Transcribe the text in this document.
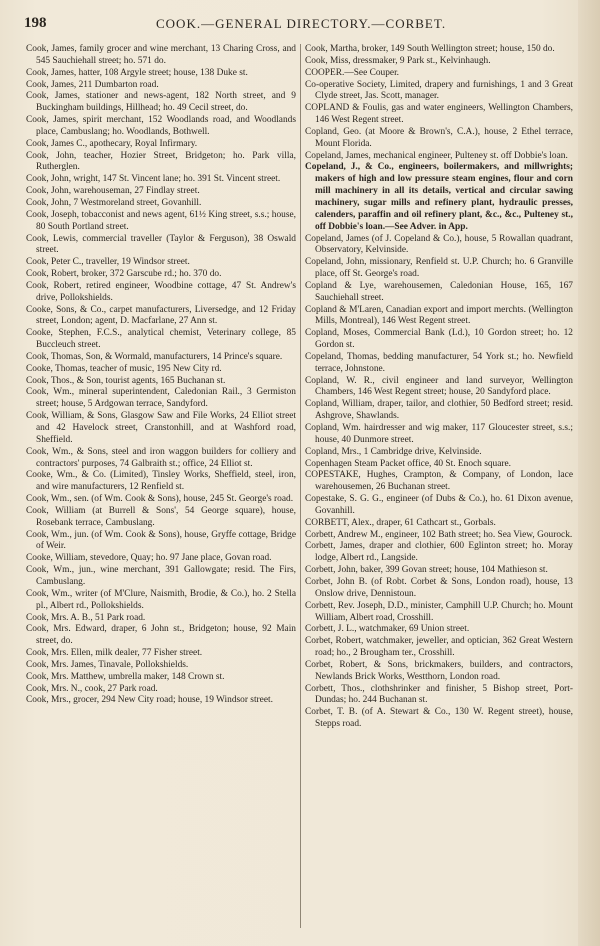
198	COOK.—GENERAL DIRECTORY.—CORBET.

Cook, James, family grocer and wine merchant, 13 Charing Cross, and 545 Sauchiehall street; ho. 571 do.

Cook, James, hatter, 108 Argyle street; house, 138 Duke st.

Cook, James, 211 Dumbarton road.

Cook, James, stationer and news-agent, 182 North street, and 9 Buckingham buildings, Hillhead; ho. 49 Cecil street, do.

Cook, James, spirit merchant, 152 Woodlands road, and Woodlands place, Cambuslang; ho. Woodlands, Bothwell.

Cook, James C., apothecary, Royal Infirmary.

Cook, John, teacher, Hozier Street, Bridgeton; ho. Park villa, Rutherglen.

Cook, John, wright, 147 St. Vincent lane; ho. 391 St. Vincent street.

Cook, John, warehouseman, 27 Findlay street.

Cook, John, 7 Westmoreland street, Govanhill.

Cook, Joseph, tobacconist and news agent, 61½ King street, s.s.; house, 80 South Portland street.

Cook, Lewis, commercial traveller (Taylor & Ferguson), 38 Oswald street.

Cook, Peter C., traveller, 19 Windsor street.

Cook, Robert, broker, 372 Garscube rd.; ho. 370 do.

Cook, Robert, retired engineer, Woodbine cottage, 47 St. Andrew's drive, Pollokshields.

Cooke, Sons, & Co., carpet manufacturers, Liversedge, and 12 Friday street, London; agent, D. Macfarlane, 27 Ann st.

Cooke, Stephen, F.C.S., analytical chemist, Veterinary college, 85 Buccleuch street.

Cook, Thomas, Son, & Wormald, manufacturers, 14 Prince's square.

Cooke, Thomas, teacher of music, 195 New City rd.

Cook, Thos., & Son, tourist agents, 165 Buchanan st.

Cook, Wm., mineral superintendent, Caledonian Rail., 3 Germiston street; house, 5 Ardgowan terrace, Sandyford.

Cook, William, & Sons, Glasgow Saw and File Works, 24 Elliot street and 42 Havelock street, Cranstonhill, and at Washford road, Sheffield.

Cook, Wm., & Sons, steel and iron waggon builders for colliery and contractors' purposes, 74 Galbraith st.; office, 24 Elliot st.

Cooke, Wm., & Co. (Limited), Tinsley Works, Sheffield, steel, iron, and wire manufacturers, 12 Renfield st.

Cook, Wm., sen. (of Wm. Cook & Sons), house, 245 St. George's road.

Cook, William (at Burrell & Sons', 54 George square), house, Rosebank terrace, Cambuslang.

Cook, Wm., jun. (of Wm. Cook & Sons), house, Gryffe cottage, Bridge of Weir.

Cooke, William, stevedore, Quay; ho. 97 Jane place, Govan road.

Cook, Wm., jun., wine merchant, 391 Gallowgate; resid. The Firs, Cambuslang.

Cook, Wm., writer (of M'Clure, Naismith, Brodie, & Co.), ho. 2 Stella pl., Albert rd., Pollokshields.

Cook, Mrs. A. B., 51 Park road.

Cook, Mrs. Edward, draper, 6 John st., Bridgeton; house, 92 Main street, do.

Cook, Mrs. Ellen, milk dealer, 77 Fisher street.

Cook, Mrs. James, Tinavale, Pollokshields.

Cook, Mrs. Matthew, umbrella maker, 148 Crown st.

Cook, Mrs. N., cook, 27 Park road.

Cook, Mrs., grocer, 294 New City road; house, 19 Windsor street.

Cook, Martha, broker, 149 South Wellington street; house, 150 do.

Cook, Miss, dressmaker, 9 Park st., Kelvinhaugh.

COOPER.—See Couper.

Co-operative Society, Limited, drapery and furnishings, 1 and 3 Great Clyde street, Jas. Scott, manager.

COPLAND & Foulis, gas and water engineers, Wellington Chambers, 146 West Regent street.

Copland, Geo. (at Moore & Brown's, C.A.), house, 2 Ethel terrace, Mount Florida.

Copeland, James, mechanical engineer, Pulteney st. off Dobbie's loan.

Copeland, J., & Co., engineers, boilermakers, and millwrights; makers of high and low pressure steam engines, flour and corn mill machinery in all its details, vertical and circular sawing machinery, sugar mills and refinery plant, hydraulic presses, calenders, paraffin and oil refinery plant, &c., &c., Pulteney st., off Dobbie's loan.—See Adver. in App.

Copeland, James (of J. Copeland & Co.), house, 5 Rowallan quadrant, Observatory, Kelvinside.

Copeland, John, missionary, Renfield st. U.P. Church; ho. 6 Granville place, off St. George's road.

Copland & Lye, warehousemen, Caledonian House, 165, 167 Sauchiehall street.

Copland & M'Laren, Canadian export and import merchts. (Wellington Mills, Montreal), 146 West Regent street.

Copland, Moses, Commercial Bank (Ld.), 10 Gordon street; ho. 12 Gordon st.

Copeland, Thomas, bedding manufacturer, 54 York st.; ho. Newfield terrace, Johnstone.

Copland, W. R., civil engineer and land surveyor, Wellington Chambers, 146 West Regent street; house, 20 Sandyford place.

Copland, William, draper, tailor, and clothier, 50 Bedford street; resid. Ashgrove, Shawlands.

Copland, Wm. hairdresser and wig maker, 117 Gloucester street, s.s.; house, 40 Dunmore street.

Copland, Mrs., 1 Cambridge drive, Kelvinside.

Copenhagen Steam Packet office, 40 St. Enoch square.

COPESTAKE, Hughes, Crampton, & Company, of London, lace warehousemen, 26 Buchanan street.

Copestake, S. G. G., engineer (of Dubs & Co.), ho. 61 Dixon avenue, Govanhill.

CORBETT, Alex., draper, 61 Cathcart st., Gorbals.

Corbett, Andrew M., engineer, 102 Bath street; ho. Sea View, Gourock.

Corbett, James, draper and clothier, 600 Eglinton street; ho. Moray lodge, Albert rd., Langside.

Corbett, John, baker, 399 Govan street; house, 104 Mathieson st.

Corbet, John B. (of Robt. Corbet & Sons, London road), house, 13 Onslow drive, Dennistoun.

Corbett, Rev. Joseph, D.D., minister, Camphill U.P. Church; ho. Mount William, Albert road, Crosshill.

Corbett, J. L., watchmaker, 69 Union street.

Corbet, Robert, watchmaker, jeweller, and optician, 362 Great Western road; ho., 2 Brougham ter., Crosshill.

Corbet, Robert, & Sons, brickmakers, builders, and contractors, Newlands Brick Works, Westthorn, London road.

Corbett, Thos., clothshrinker and finisher, 5 Bishop street, Port-Dundas; ho. 244 Buchanan st.

Corbet, T. B. (of A. Stewart & Co., 130 W. Regent street), house, Stepps road.
